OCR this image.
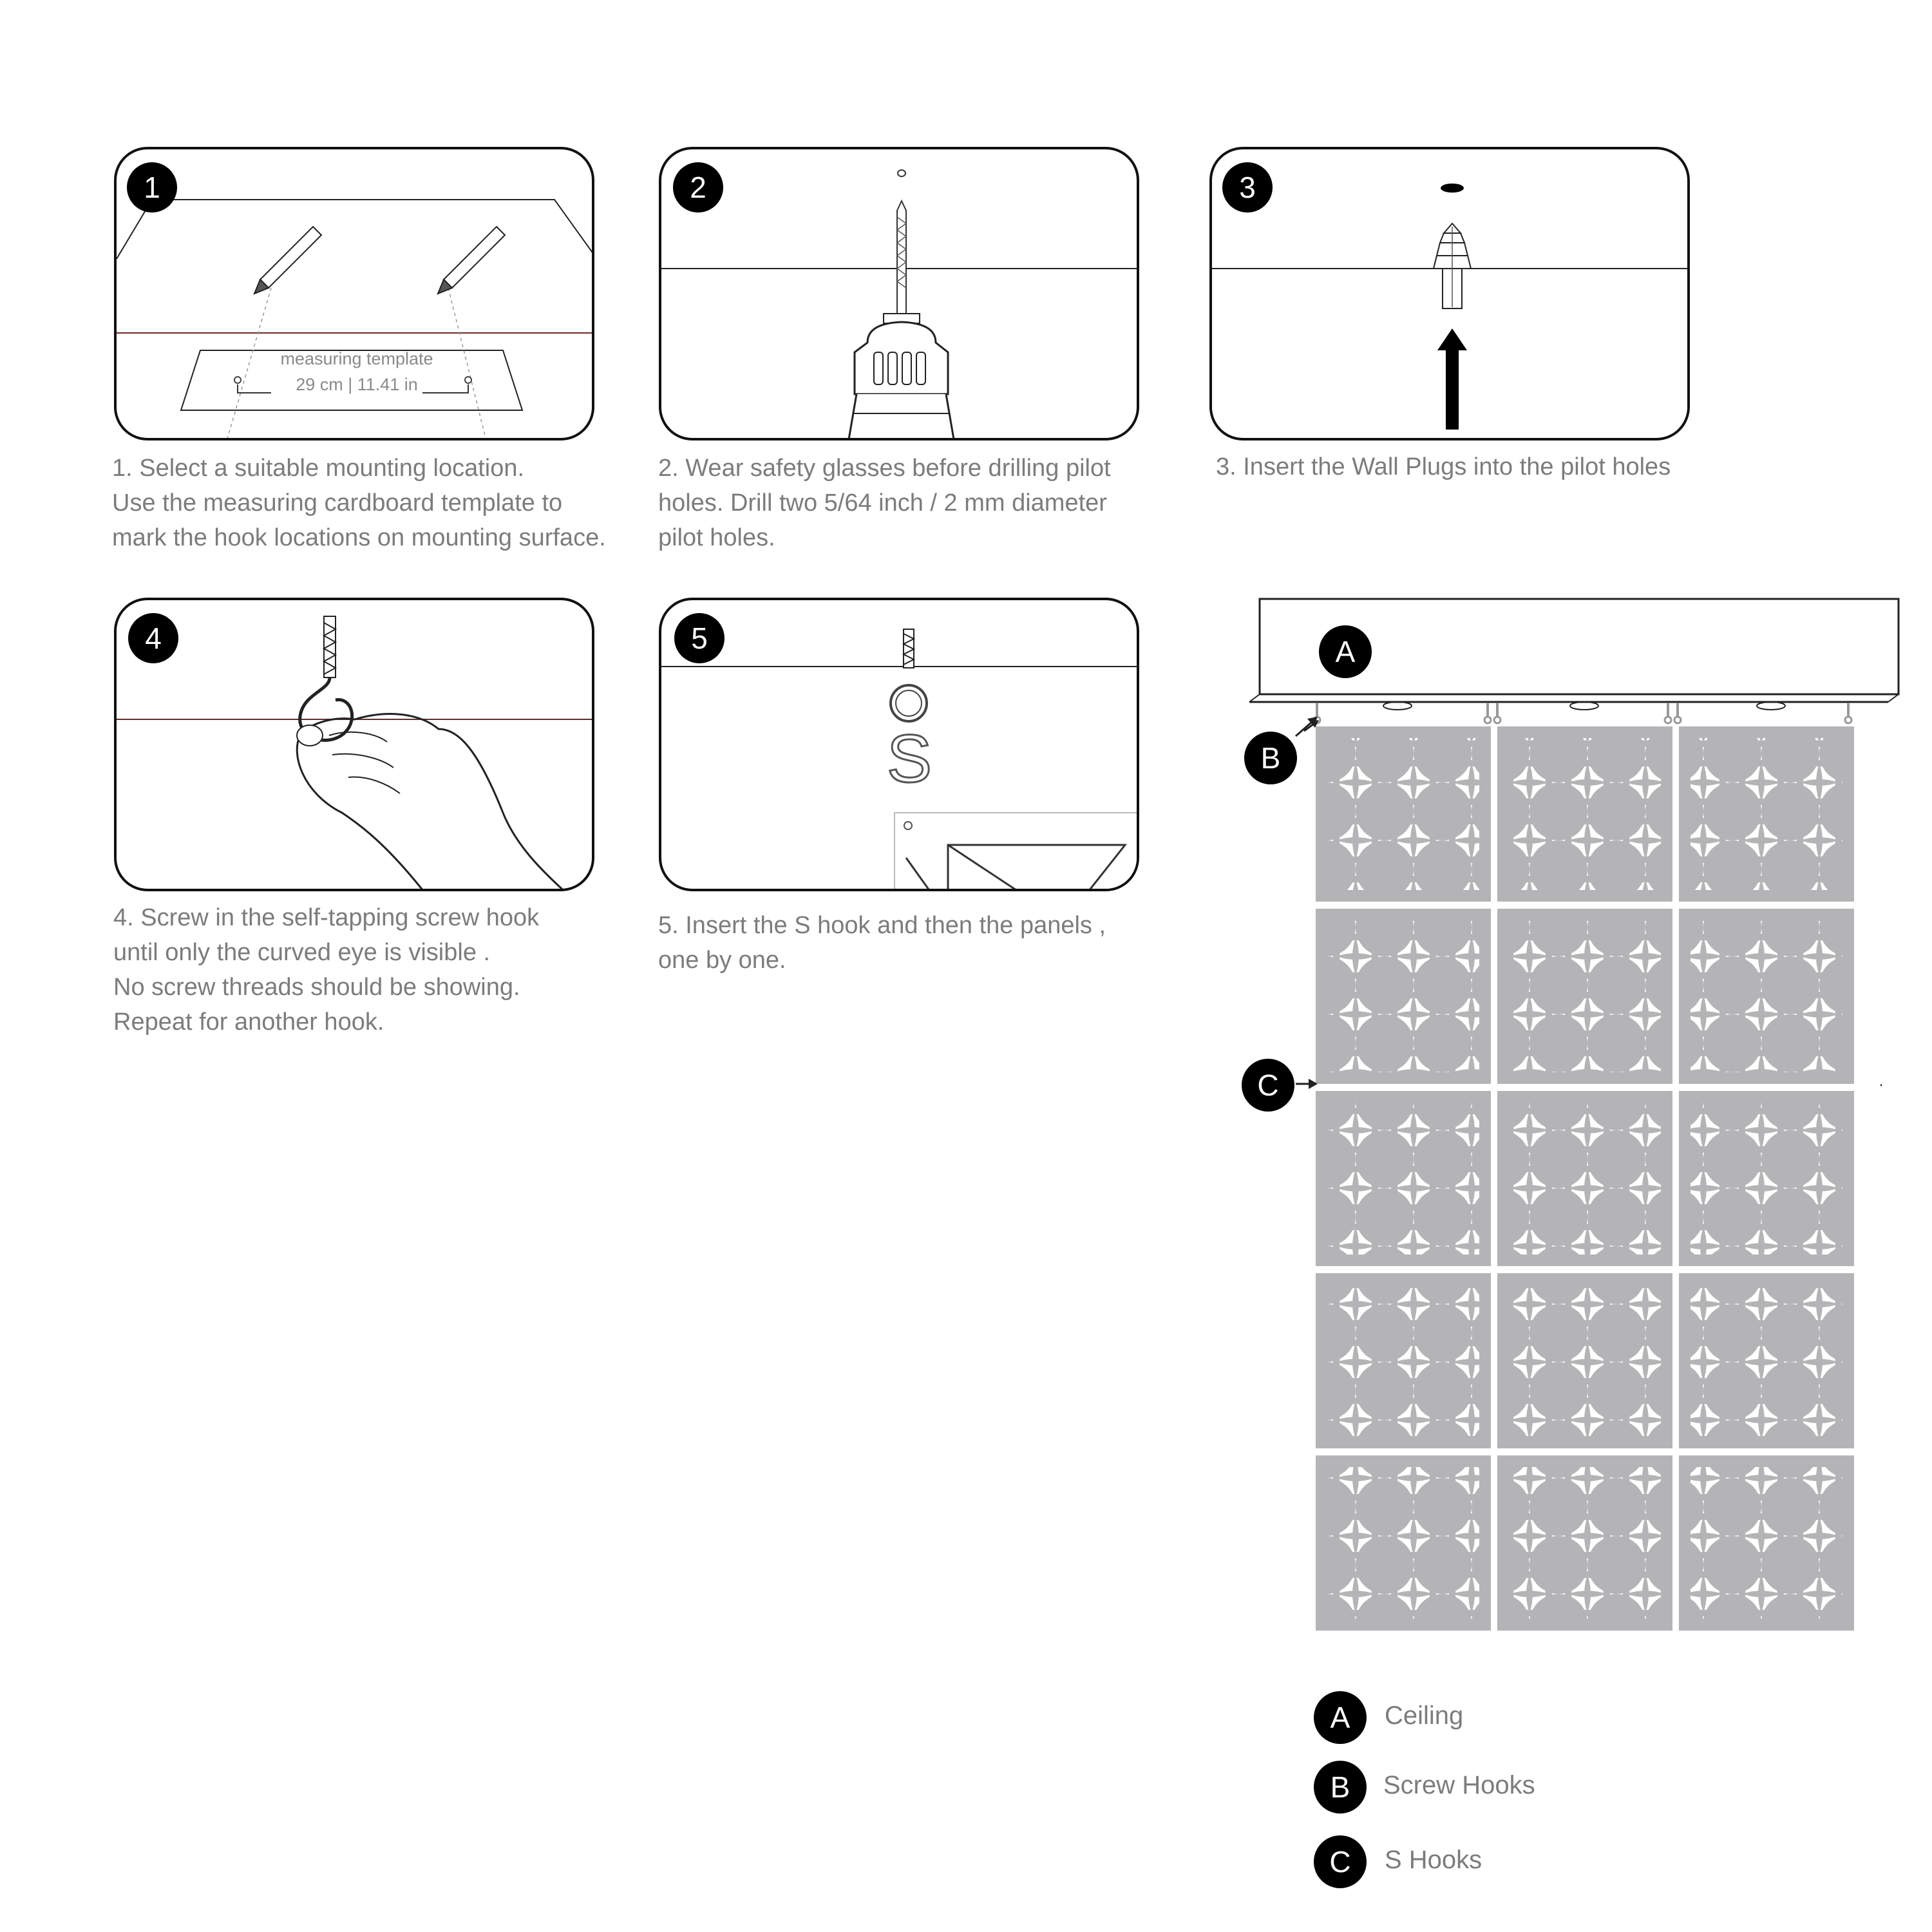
1
measuring template
29 cm | 11.41 in
1. Select a suitable mounting location.
Use the measuring cardboard template to
mark the hook locations on mounting surface.
2
2. Wear safety glasses before drilling pilot
holes. Drill two 5/64 inch / 2 mm diameter
pilot holes.
3
3. Insert the Wall Plugs into the pilot holes
4
4. Screw in the self-tapping screw hook
until only the curved eye is visible .
No screw threads should be showing.
Repeat for another hook.
5
S
5. Insert the S hook and then the panels ,
one by one.
A
B
C
A	Ceiling
B	Screw Hooks
C	S Hooks
